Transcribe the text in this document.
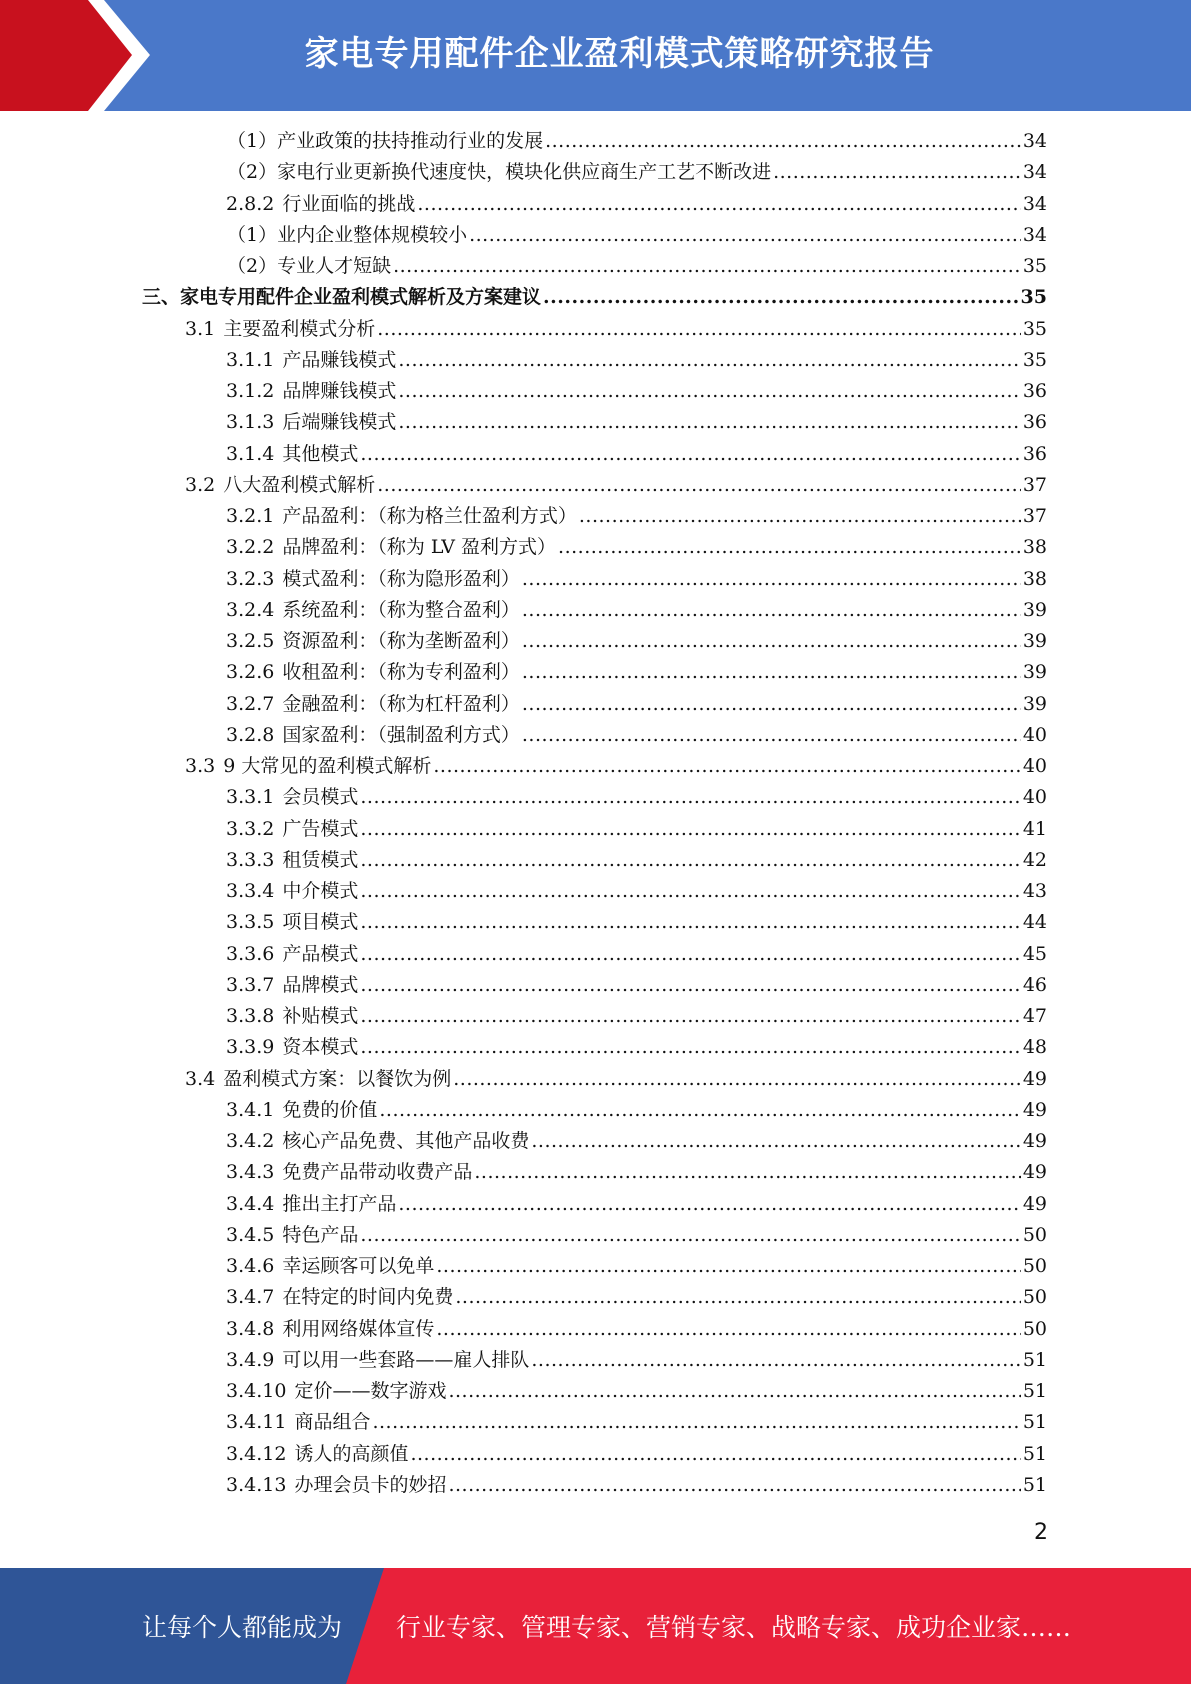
家电专用配件企业盈利模式策略研究报告
（1）产业政策的扶持推动行业的发展 .....	34
（2）家电行业更新换代速度快，模块化供应商生产工艺不断改进 .....	34
2.8.2 行业面临的挑战 .....	34
（1）业内企业整体规模较小 .....	34
（2）专业人才短缺 .....	35
三、家电专用配件企业盈利模式解析及方案建议 .....	35
3.1 主要盈利模式分析 .....	35
3.1.1 产品赚钱模式 .....	35
3.1.2 品牌赚钱模式 .....	36
3.1.3 后端赚钱模式 .....	36
3.1.4 其他模式 .....	36
3.2 八大盈利模式解析 .....	37
3.2.1 产品盈利：（称为格兰仕盈利方式） .....	37
3.2.2 品牌盈利：（称为 LV 盈利方式） .....	38
3.2.3 模式盈利：（称为隐形盈利） .....	38
3.2.4 系统盈利：（称为整合盈利） .....	39
3.2.5 资源盈利：（称为垄断盈利） .....	39
3.2.6 收租盈利：（称为专利盈利） .....	39
3.2.7 金融盈利：（称为杠杆盈利） .....	39
3.2.8 国家盈利：（强制盈利方式） .....	40
3.3 9 大常见的盈利模式解析 .....	40
3.3.1 会员模式 .....	40
3.3.2 广告模式 .....	41
3.3.3 租赁模式 .....	42
3.3.4 中介模式 .....	43
3.3.5 项目模式 .....	44
3.3.6 产品模式 .....	45
3.3.7 品牌模式 .....	46
3.3.8 补贴模式 .....	47
3.3.9 资本模式 .....	48
3.4 盈利模式方案：以餐饮为例 .....	49
3.4.1 免费的价值 .....	49
3.4.2 核心产品免费、其他产品收费 .....	49
3.4.3 免费产品带动收费产品 .....	49
3.4.4 推出主打产品 .....	49
3.4.5 特色产品 .....	50
3.4.6 幸运顾客可以免单 .....	50
3.4.7 在特定的时间内免费 .....	50
3.4.8 利用网络媒体宣传 .....	50
3.4.9 可以用一些套路——雇人排队 .....	51
3.4.10 定价——数字游戏 .....	51
3.4.11 商品组合 .....	51
3.4.12 诱人的高颜值 .....	51
3.4.13 办理会员卡的妙招 .....	51
2
让每个人都能成为 行业专家、管理专家、营销专家、战略专家、成功企业家……
